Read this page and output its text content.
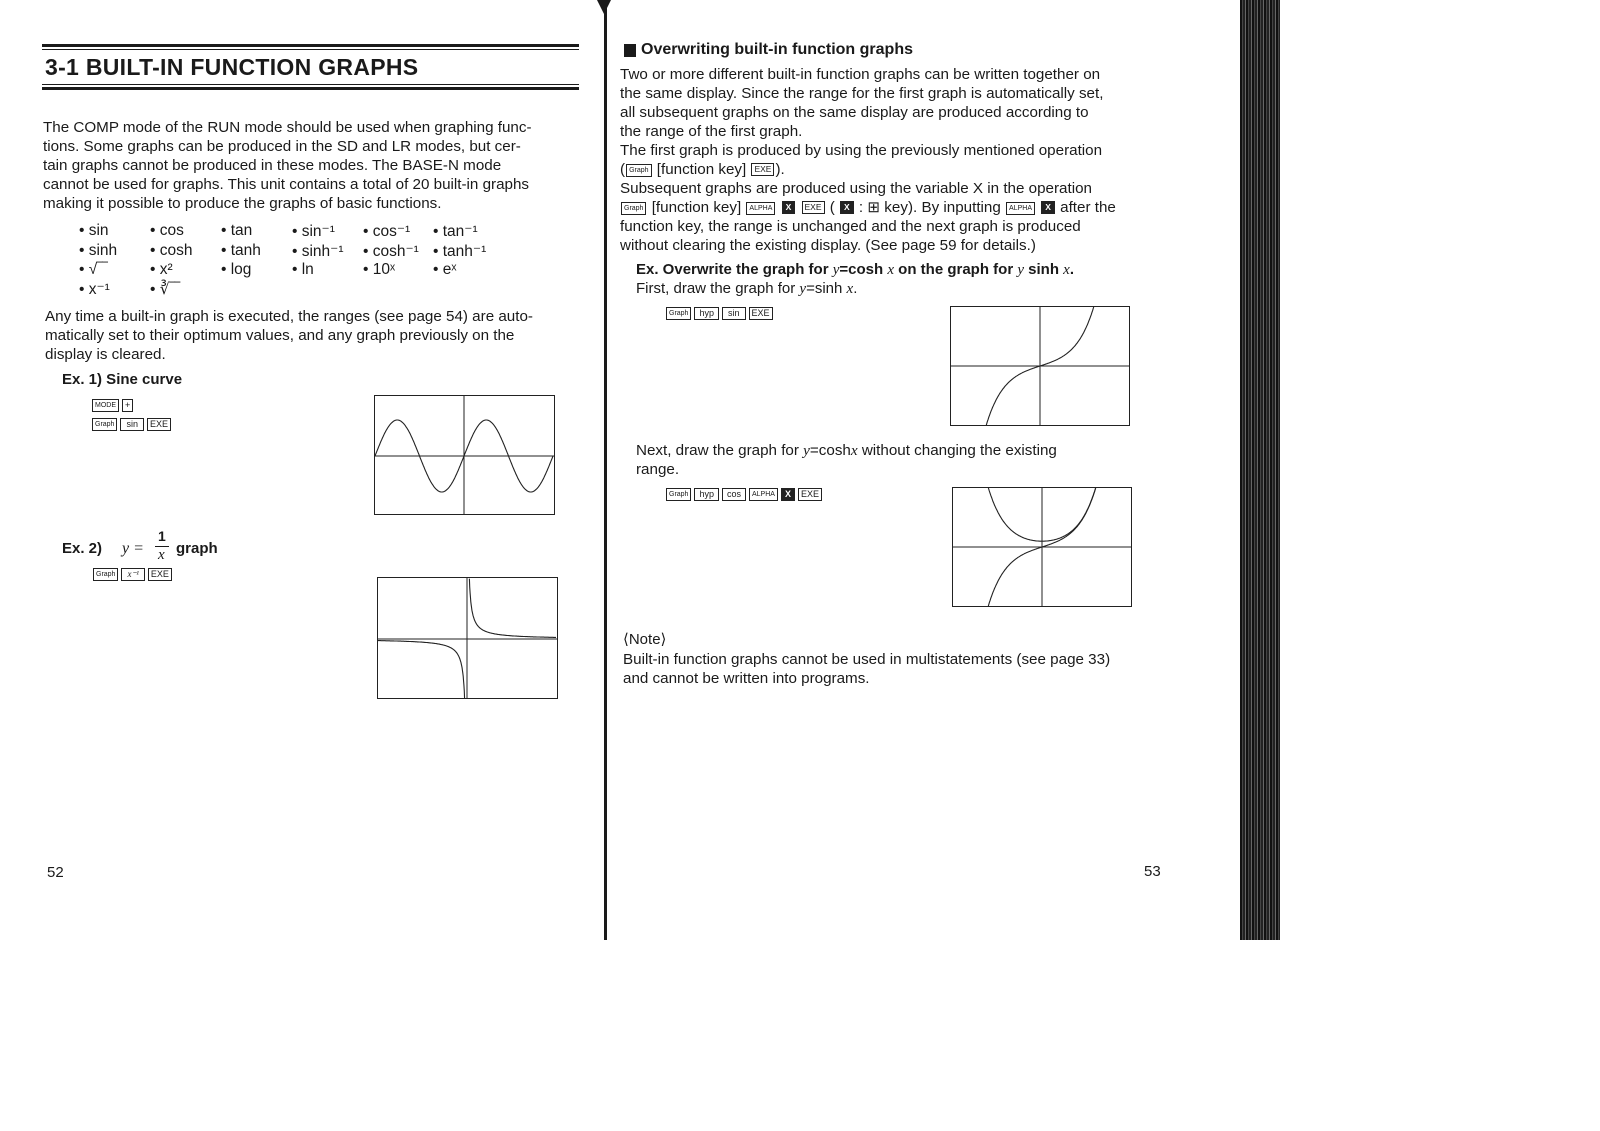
3-1 BUILT-IN FUNCTION GRAPHS

The COMP mode of the RUN mode should be used when graphing func-

tions. Some graphs can be produced in the SD and LR modes, but cer-

tain graphs cannot be produced in these modes. The BASE-N mode

cannot be used for graphs. This unit contains a total of 20 built-in graphs

making it possible to produce the graphs of basic functions.

• sin	• cos • tan	• sin⁻¹ • cos⁻¹ • tan⁻¹
• sinh • cosh • tanh • sinh⁻¹ • cosh⁻¹ • tanh⁻¹
• √‾‾	• x²	• log	• ln	• 10ˣ • eˣ
• x⁻¹	• ∛‾‾

Any time a built-in graph is executed, the ranges (see page 54) are auto-

matically set to their optimum values, and any graph previously on the

display is cleared.

Ex. 1) Sine curve
MODE	+
Graph	sin	EXE
Ex. 2) y =
1
x graph
Graph	x⁻¹	EXE
52
Overwriting built-in function graphs

Two or more different built-in function graphs can be written together on

the same display. Since the range for the first graph is automatically set,

all subsequent graphs on the same display are produced according to

the range of the first graph.

The first graph is produced by using the previously mentioned operation

( Graph [function key] EXE ).

Subsequent graphs are produced using the variable X in the operation

Graph [function key] ALPHA X EXE ( X : ⊞ key). By inputting ALPHA X after the

function key, the range is unchanged and the next graph is produced

without clearing the existing display. (See page 59 for details.)

Ex. Overwrite the graph for y=cosh x on the graph for y sinh x.
First, draw the graph for y=sinh x.
Graph	hyp	sin	EXE

Next, draw the graph for y=coshx without changing the existing

range.

Graph	hyp	cos	ALPHA	X	EXE
⟨Note⟩

Built-in function graphs cannot be used in multistatements (see page 33)

and cannot be written into programs.

53
